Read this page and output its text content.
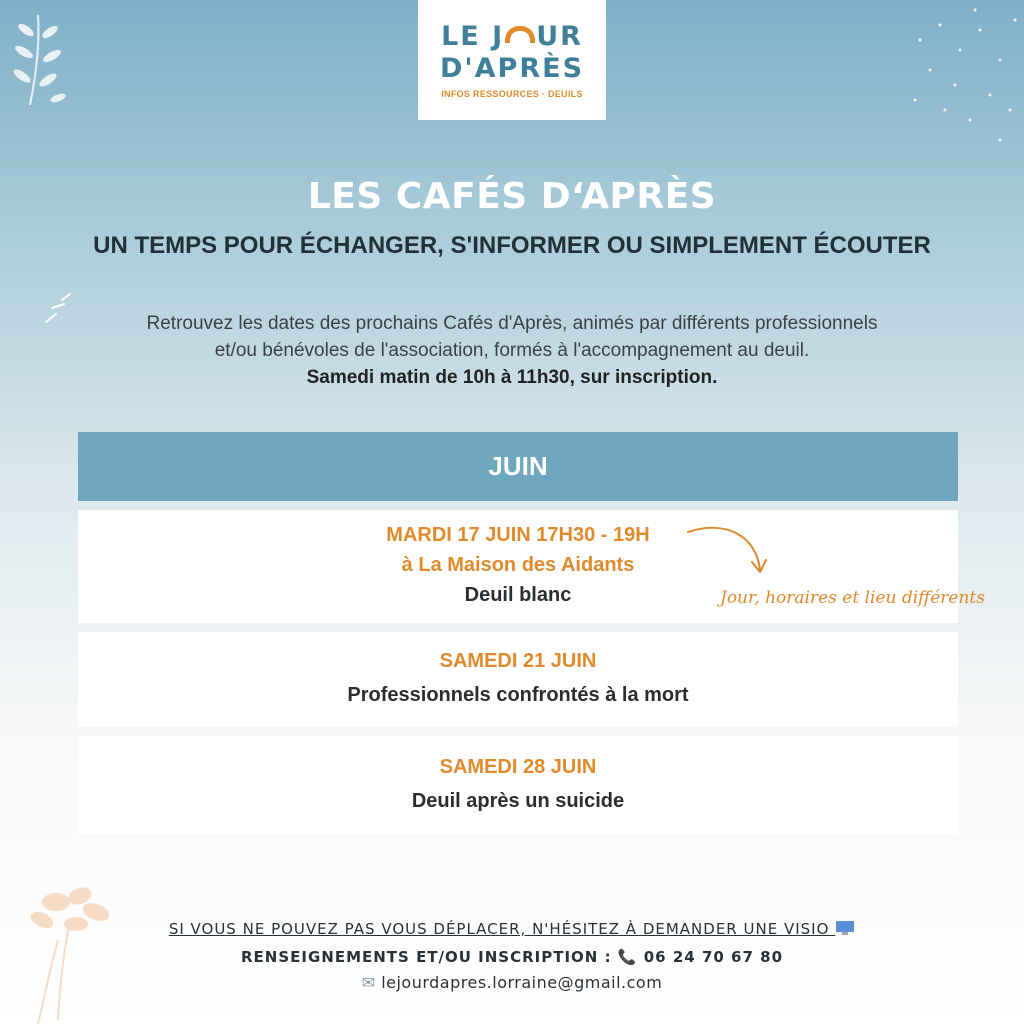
LE J UR
D'APRÈS
INFOS RESSOURCES · DEUILS
LES CAFÉS D‘APRÈS
UN TEMPS POUR ÉCHANGER, S'INFORMER OU SIMPLEMENT ÉCOUTER
Retrouvez les dates des prochains Cafés d'Après, animés par différents professionnels
et/ou bénévoles de l'association, formés à l'accompagnement au deuil.
Samedi matin de 10h à 11h30, sur inscription.
JUIN
MARDI 17 JUIN 17H30 - 19H
à La Maison des Aidants
Deuil blanc
SAMEDI 21 JUIN
Professionnels confrontés à la mort
SAMEDI 28 JUIN
Deuil après un suicide
Jour, horaires et lieu différents
SI VOUS NE POUVEZ PAS VOUS DÉPLACER, N'HÉSITEZ À DEMANDER UNE VISIO
RENSEIGNEMENTS ET/OU INSCRIPTION : 📞 06 24 70 67 80
✉ lejourdapres.lorraine@gmail.com
